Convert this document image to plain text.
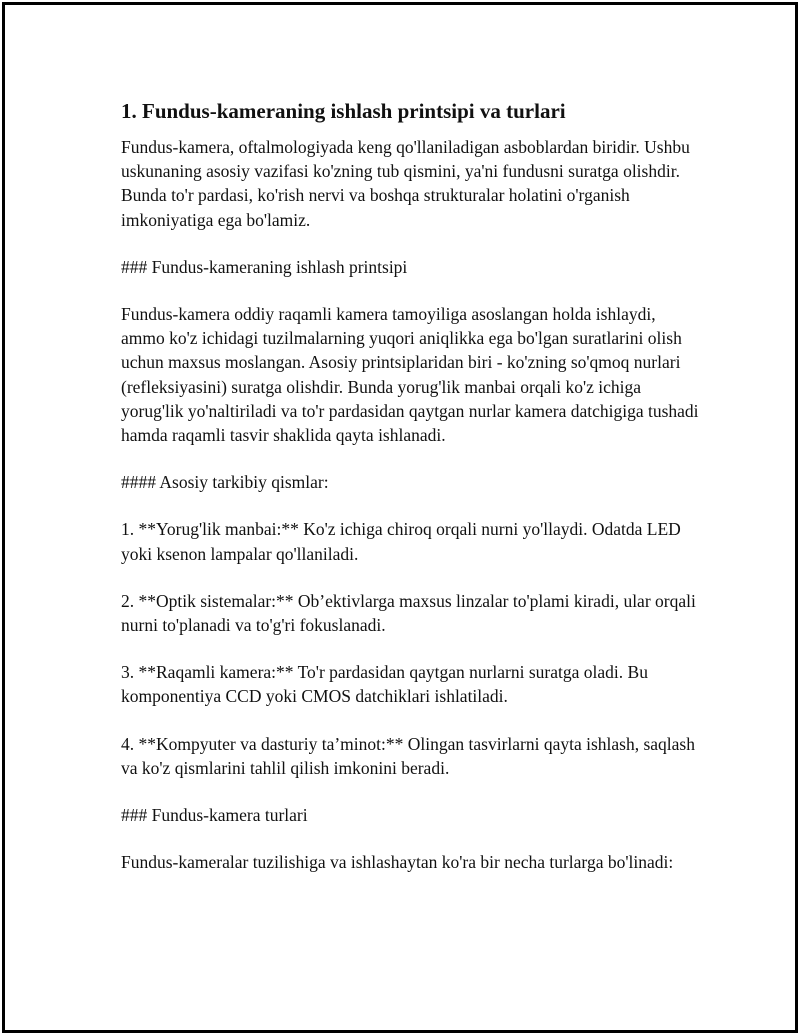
1. Fundus-kameraning ishlash printsipi va turlari

Fundus-kamera, oftalmologiyada keng qo'llaniladigan asboblardan biridir. Ushbu uskunaning asosiy vazifasi ko'zning tub qismini, ya'ni fundusni suratga olishdir. Bunda to'r pardasi, ko'rish nervi va boshqa strukturalar holatini o'rganish imkoniyatiga ega bo'lamiz.

### Fundus-kameraning ishlash printsipi

Fundus-kamera oddiy raqamli kamera tamoyiliga asoslangan holda ishlaydi, ammo ko'z ichidagi tuzilmalarning yuqori aniqlikka ega bo'lgan suratlarini olish uchun maxsus moslangan. Asosiy printsiplaridan biri - ko'zning so'qmoq nurlari (refleksiyasini) suratga olishdir. Bunda yorug'lik manbai orqali ko'z ichiga yorug'lik yo'naltiriladi va to'r pardasidan qaytgan nurlar kamera datchigiga tushadi hamda raqamli tasvir shaklida qayta ishlanadi.

#### Asosiy tarkibiy qismlar:

1. **Yorug'lik manbai:** Ko'z ichiga chiroq orqali nurni yo'llaydi. Odatda LED yoki ksenon lampalar qo'llaniladi.

2. **Optik sistemalar:** Ob’ektivlarga maxsus linzalar to'plami kiradi, ular orqali nurni to'planadi va to'g'ri fokuslanadi.

3. **Raqamli kamera:** To'r pardasidan qaytgan nurlarni suratga oladi. Bu komponentiya CCD yoki CMOS datchiklari ishlatiladi.

4. **Kompyuter va dasturiy ta’minot:** Olingan tasvirlarni qayta ishlash, saqlash va ko'z qismlarini tahlil qilish imkonini beradi.

### Fundus-kamera turlari

Fundus-kameralar tuzilishiga va ishlashaytan ko'ra bir necha turlarga bo'linadi:
